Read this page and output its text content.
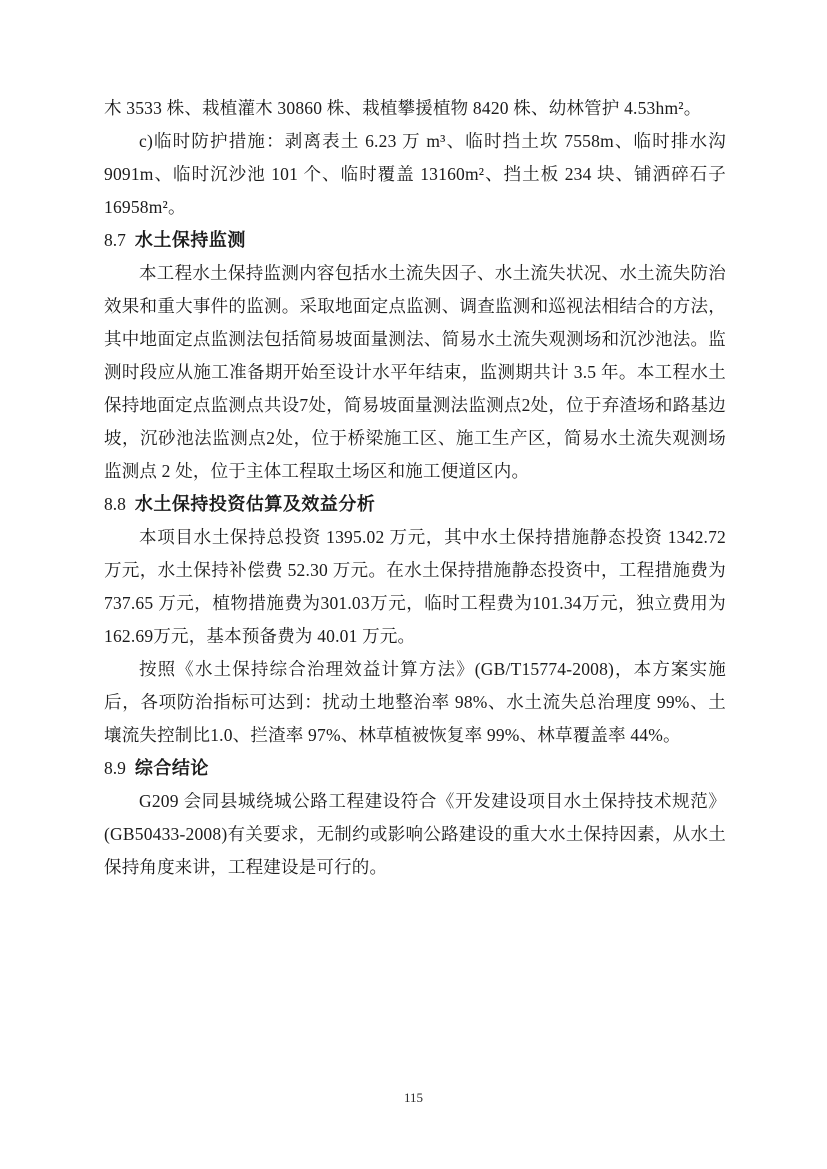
木 3533 株、栽植灌木 30860 株、栽植攀援植物 8420 株、幼林管护 4.53hm²。

c)临时防护措施：剥离表土 6.23 万 m³、临时挡土坎 7558m、临时排水沟 9091m、临时沉沙池 101 个、临时覆盖 13160m²、挡土板 234 块、铺洒碎石子 16958m²。

8.7 水土保持监测

本工程水土保持监测内容包括水土流失因子、水土流失状况、水土流失防治效果和重大事件的监测。采取地面定点监测、调查监测和巡视法相结合的方法，其中地面定点监测法包括简易坡面量测法、简易水土流失观测场和沉沙池法。监测时段应从施工准备期开始至设计水平年结束，监测期共计 3.5 年。本工程水土保持地面定点监测点共设7处，简易坡面量测法监测点2处，位于弃渣场和路基边坡，沉砂池法监测点2处，位于桥梁施工区、施工生产区，简易水土流失观测场监测点 2 处，位于主体工程取土场区和施工便道区内。

8.8 水土保持投资估算及效益分析

本项目水土保持总投资 1395.02 万元，其中水土保持措施静态投资 1342.72 万元，水土保持补偿费 52.30 万元。在水土保持措施静态投资中，工程措施费为 737.65 万元，植物措施费为301.03万元，临时工程费为101.34万元，独立费用为162.69万元，基本预备费为 40.01 万元。

按照《水土保持综合治理效益计算方法》(GB/T15774-2008)，本方案实施后，各项防治指标可达到：扰动土地整治率 98%、水土流失总治理度 99%、土壤流失控制比1.0、拦渣率 97%、林草植被恢复率 99%、林草覆盖率 44%。

8.9 综合结论

G209 会同县城绕城公路工程建设符合《开发建设项目水土保持技术规范》(GB50433-2008)有关要求，无制约或影响公路建设的重大水土保持因素，从水土保持角度来讲，工程建设是可行的。

115
